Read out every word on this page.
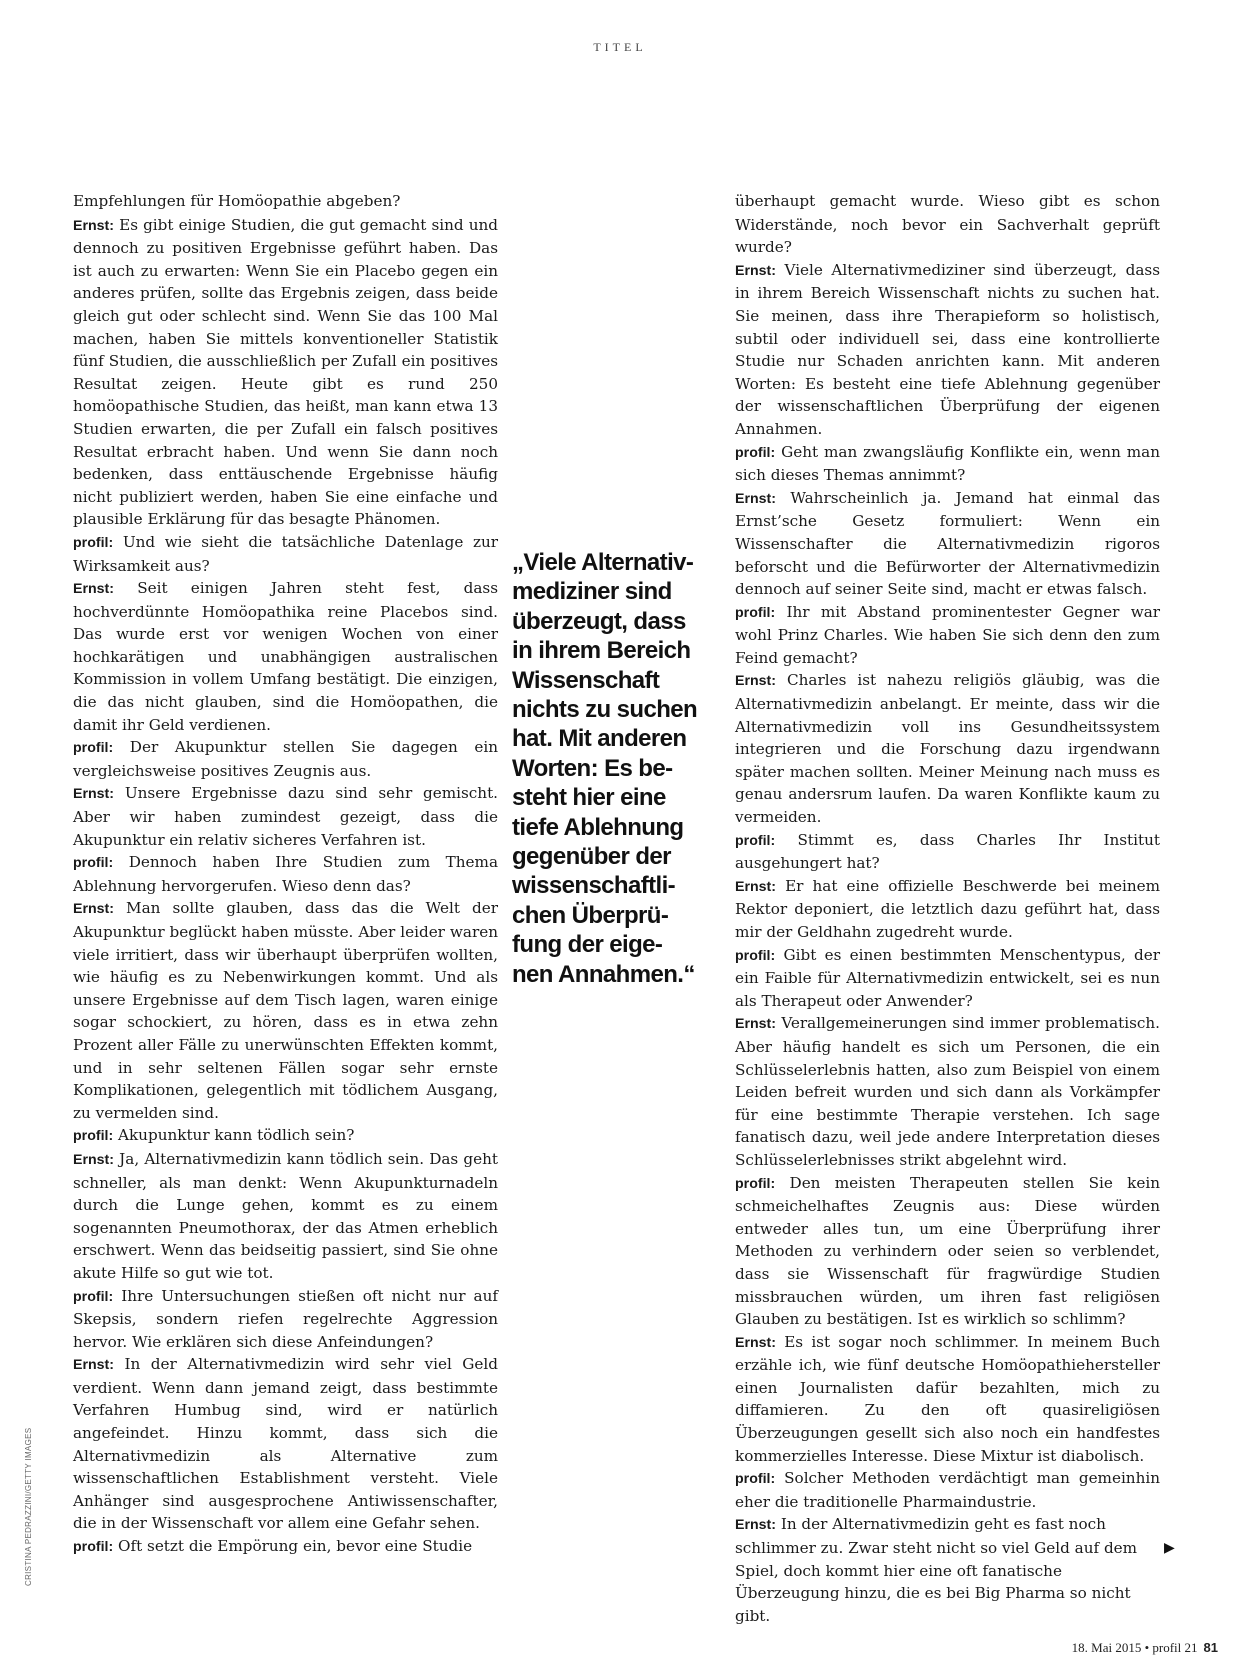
TITEL

Empfehlungen für Homöopathie abgeben?

Ernst: Es gibt einige Studien, die gut gemacht sind und dennoch zu positiven Ergebnisse geführt haben. Das ist auch zu erwarten: Wenn Sie ein Placebo gegen ein anderes prüfen, sollte das Ergebnis zeigen, dass beide gleich gut oder schlecht sind. Wenn Sie das 100 Mal machen, haben Sie mittels konventioneller Statistik fünf Studien, die ausschließlich per Zufall ein positives Resultat zeigen. Heute gibt es rund 250 homöopathische Studien, das heißt, man kann etwa 13 Studien erwarten, die per Zufall ein falsch positives Resultat erbracht haben. Und wenn Sie dann noch bedenken, dass enttäuschende Ergebnisse häufig nicht publiziert werden, haben Sie eine einfache und plausible Erklärung für das besagte Phänomen.

profil: Und wie sieht die tatsächliche Datenlage zur Wirksamkeit aus?

Ernst: Seit einigen Jahren steht fest, dass hochverdünnte Homöopathika reine Placebos sind. Das wurde erst vor wenigen Wochen von einer hochkarätigen und unabhängigen australischen Kommission in vollem Umfang bestätigt. Die einzigen, die das nicht glauben, sind die Homöopathen, die damit ihr Geld verdienen.

profil: Der Akupunktur stellen Sie dagegen ein vergleichsweise positives Zeugnis aus.

Ernst: Unsere Ergebnisse dazu sind sehr gemischt. Aber wir haben zumindest gezeigt, dass die Akupunktur ein relativ sicheres Verfahren ist.

profil: Dennoch haben Ihre Studien zum Thema Ablehnung hervorgerufen. Wieso denn das?

Ernst: Man sollte glauben, dass das die Welt der Akupunktur beglückt haben müsste. Aber leider waren viele irritiert, dass wir überhaupt überprüfen wollten, wie häufig es zu Nebenwirkungen kommt. Und als unsere Ergebnisse auf dem Tisch lagen, waren einige sogar schockiert, zu hören, dass es in etwa zehn Prozent aller Fälle zu unerwünschten Effekten kommt, und in sehr seltenen Fällen sogar sehr ernste Komplikationen, gelegentlich mit tödlichem Ausgang, zu vermelden sind.

profil: Akupunktur kann tödlich sein?

Ernst: Ja, Alternativmedizin kann tödlich sein. Das geht schneller, als man denkt: Wenn Akupunkturnadeln durch die Lunge gehen, kommt es zu einem sogenannten Pneumothorax, der das Atmen erheblich erschwert. Wenn das beidseitig passiert, sind Sie ohne akute Hilfe so gut wie tot.

profil: Ihre Untersuchungen stießen oft nicht nur auf Skepsis, sondern riefen regelrechte Aggression hervor. Wie erklären sich diese Anfeindungen?

Ernst: In der Alternativmedizin wird sehr viel Geld verdient. Wenn dann jemand zeigt, dass bestimmte Verfahren Humbug sind, wird er natürlich angefeindet. Hinzu kommt, dass sich die Alternativmedizin als Alternative zum wissenschaftlichen Establishment versteht. Viele Anhänger sind ausgesprochene Antiwissenschafter, die in der Wissenschaft vor allem eine Gefahr sehen.

profil: Oft setzt die Empörung ein, bevor eine Studie

„Viele Alternativ-
mediziner sind
überzeugt, dass
in ihrem Bereich
Wissenschaft
nichts zu suchen
hat. Mit anderen
Worten: Es be-
steht hier eine
tiefe Ablehnung
gegenüber der
wissenschaftli-
chen Überprü-
fung der eige-
nen Annahmen.“

überhaupt gemacht wurde. Wieso gibt es schon Widerstände, noch bevor ein Sachverhalt geprüft wurde?

Ernst: Viele Alternativmediziner sind überzeugt, dass in ihrem Bereich Wissenschaft nichts zu suchen hat. Sie meinen, dass ihre Therapieform so holistisch, subtil oder individuell sei, dass eine kontrollierte Studie nur Schaden anrichten kann. Mit anderen Worten: Es besteht eine tiefe Ablehnung gegenüber der wissenschaftlichen Überprüfung der eigenen Annahmen.

profil: Geht man zwangsläufig Konflikte ein, wenn man sich dieses Themas annimmt?

Ernst: Wahrscheinlich ja. Jemand hat einmal das Ernst’sche Gesetz formuliert: Wenn ein Wissenschafter die Alternativmedizin rigoros beforscht und die Befürworter der Alternativmedizin dennoch auf seiner Seite sind, macht er etwas falsch.

profil: Ihr mit Abstand prominentester Gegner war wohl Prinz Charles. Wie haben Sie sich denn den zum Feind gemacht?

Ernst: Charles ist nahezu religiös gläubig, was die Alternativmedizin anbelangt. Er meinte, dass wir die Alternativmedizin voll ins Gesundheitssystem integrieren und die Forschung dazu irgendwann später machen sollten. Meiner Meinung nach muss es genau andersrum laufen. Da waren Konflikte kaum zu vermeiden.

profil: Stimmt es, dass Charles Ihr Institut ausgehungert hat?

Ernst: Er hat eine offizielle Beschwerde bei meinem Rektor deponiert, die letztlich dazu geführt hat, dass mir der Geldhahn zugedreht wurde.

profil: Gibt es einen bestimmten Menschentypus, der ein Faible für Alternativmedizin entwickelt, sei es nun als Therapeut oder Anwender?

Ernst: Verallgemeinerungen sind immer problematisch. Aber häufig handelt es sich um Personen, die ein Schlüsselerlebnis hatten, also zum Beispiel von einem Leiden befreit wurden und sich dann als Vorkämpfer für eine bestimmte Therapie verstehen. Ich sage fanatisch dazu, weil jede andere Interpretation dieses Schlüsselerlebnisses strikt abgelehnt wird.

profil: Den meisten Therapeuten stellen Sie kein schmeichelhaftes Zeugnis aus: Diese würden entweder alles tun, um eine Überprüfung ihrer Methoden zu verhindern oder seien so verblendet, dass sie Wissenschaft für fragwürdige Studien missbrauchen würden, um ihren fast religiösen Glauben zu bestätigen. Ist es wirklich so schlimm?

Ernst: Es ist sogar noch schlimmer. In meinem Buch erzähle ich, wie fünf deutsche Homöopathiehersteller einen Journalisten dafür bezahlten, mich zu diffamieren. Zu den oft quasireligiösen Überzeugungen gesellt sich also noch ein handfestes kommerzielles Interesse. Diese Mixtur ist diabolisch.

profil: Solcher Methoden verdächtigt man gemeinhin eher die traditionelle Pharmaindustrie.

Ernst: In der Alternativmedizin geht es fast noch schlimmer zu. Zwar steht nicht so viel Geld auf dem Spiel, doch kommt hier eine oft fanatische Überzeugung hinzu, die es bei Big Pharma so nicht gibt.

▶
CRISTINA PEDRAZZINI/GETTY IMAGES
18. Mai 2015 • profil 21 81
